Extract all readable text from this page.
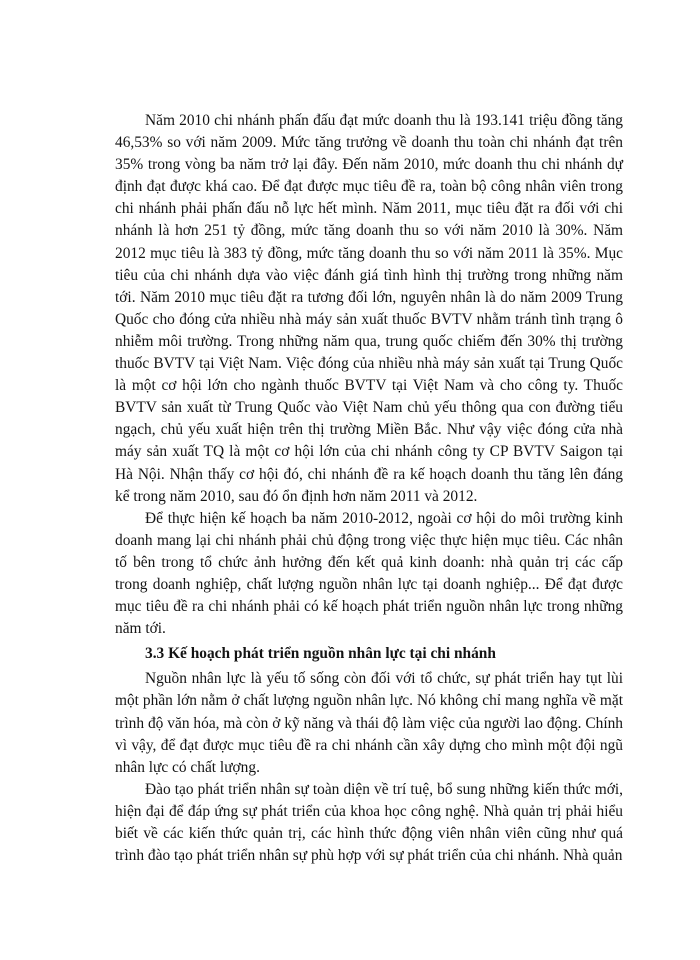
Năm 2010 chi nhánh phấn đấu đạt mức doanh thu là 193.141 triệu đồng tăng 46,53% so với năm 2009. Mức tăng trưởng về doanh thu toàn chi nhánh đạt trên 35% trong vòng ba năm trở lại đây. Đến năm 2010, mức doanh thu chi nhánh dự định đạt được khá cao. Để đạt được mục tiêu đề ra, toàn bộ công nhân viên trong chi nhánh phải phấn đấu nỗ lực hết mình. Năm 2011, mục tiêu đặt ra đối với chi nhánh là hơn 251 tỷ đồng, mức tăng doanh thu so với năm 2010 là 30%. Năm 2012 mục tiêu là 383 tỷ đồng, mức tăng doanh thu so với năm 2011 là 35%. Mục tiêu của chi nhánh dựa vào việc đánh giá tình hình thị trường trong những năm tới. Năm 2010 mục tiêu đặt ra tương đối lớn, nguyên nhân là do năm 2009 Trung Quốc cho đóng cửa nhiều nhà máy sản xuất thuốc BVTV nhằm tránh tình trạng ô nhiễm môi trường. Trong những năm qua, trung quốc chiếm đến 30% thị trường thuốc BVTV tại Việt Nam. Việc đóng của nhiều nhà máy sản xuất tại Trung Quốc là một cơ hội lớn cho ngành thuốc BVTV tại Việt Nam và cho công ty. Thuốc BVTV sản xuất từ Trung Quốc vào Việt Nam chủ yếu thông qua con đường tiểu ngạch, chủ yếu xuất hiện trên thị trường Miền Bắc. Như vậy việc đóng cửa nhà máy sản xuất TQ là một cơ hội lớn của chi nhánh công ty CP BVTV Saigon tại Hà Nội. Nhận thấy cơ hội đó, chi nhánh đề ra kế hoạch doanh thu tăng lên đáng kể trong năm 2010, sau đó ổn định hơn năm 2011 và 2012.

Để thực hiện kế hoạch ba năm 2010-2012, ngoài cơ hội do môi trường kinh doanh mang lại chi nhánh phải chủ động trong việc thực hiện mục tiêu. Các nhân tố bên trong tổ chức ảnh hưởng đến kết quả kinh doanh: nhà quản trị các cấp trong doanh nghiệp, chất lượng nguồn nhân lực tại doanh nghiệp... Để đạt được mục tiêu đề ra chi nhánh phải có kế hoạch phát triển nguồn nhân lực trong những năm tới.

3.3 Kế hoạch phát triển nguồn nhân lực tại chi nhánh

Nguồn nhân lực là yếu tố sống còn đối với tổ chức, sự phát triển hay tụt lùi một phần lớn nằm ở chất lượng nguồn nhân lực. Nó không chỉ mang nghĩa về mặt trình độ văn hóa, mà còn ở kỹ năng và thái độ làm việc của người lao động. Chính vì vậy, để đạt được mục tiêu đề ra chi nhánh cần xây dựng cho mình một đội ngũ nhân lực có chất lượng.

Đào tạo phát triển nhân sự toàn diện về trí tuệ, bổ sung những kiến thức mới, hiện đại để đáp ứng sự phát triển của khoa học công nghệ. Nhà quản trị phải hiểu biết về các kiến thức quản trị, các hình thức động viên nhân viên cũng như quá trình đào tạo phát triển nhân sự phù hợp với sự phát triển của chi nhánh. Nhà quản
